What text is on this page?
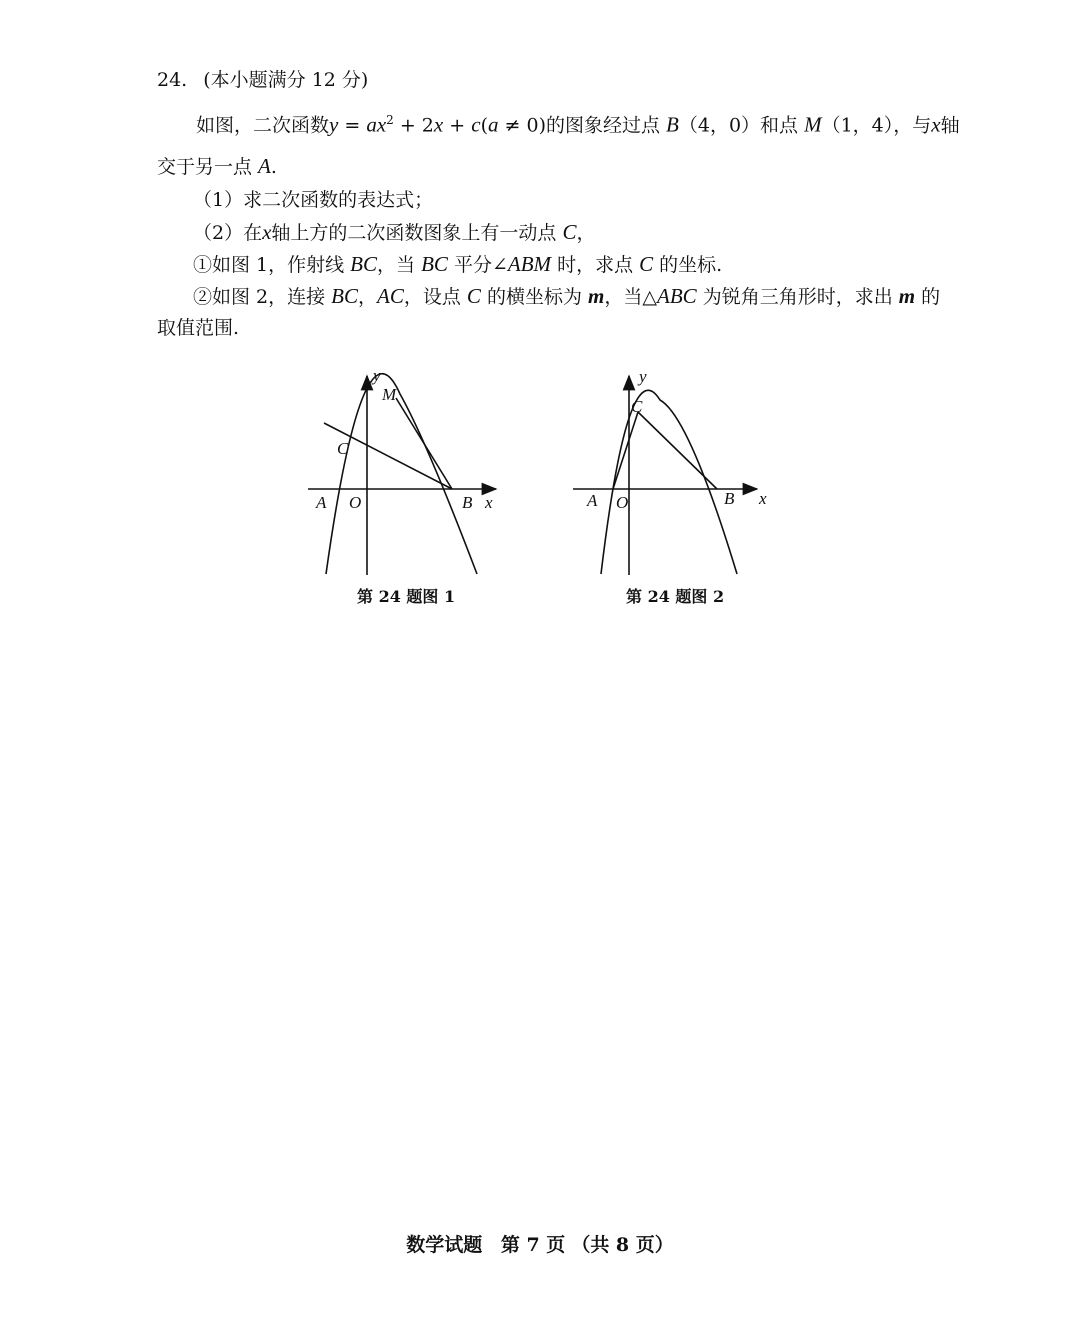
24. (本小题满分 12 分)
如图，二次函数$y = ax^2 + 2x + c(a \ne 0)$的图象经过点 B（4，0）和点 M（1，4），与x轴
交于另一点 A.
（1）求二次函数的表达式；
（2）在x轴上方的二次函数图象上有一动点 C，
①如图 1，作射线 BC，当 BC 平分∠ABM 时，求点 C 的坐标.
②如图 2，连接 BC，AC，设点 C 的横坐标为 m，当△ABC 为锐角三角形时，求出 m 的
取值范围.
y
M
C
A O	B x
第 24 题图 1
y
C
A O	B x
第 24 题图 2
数学试题 第 7 页 （共 8 页）
